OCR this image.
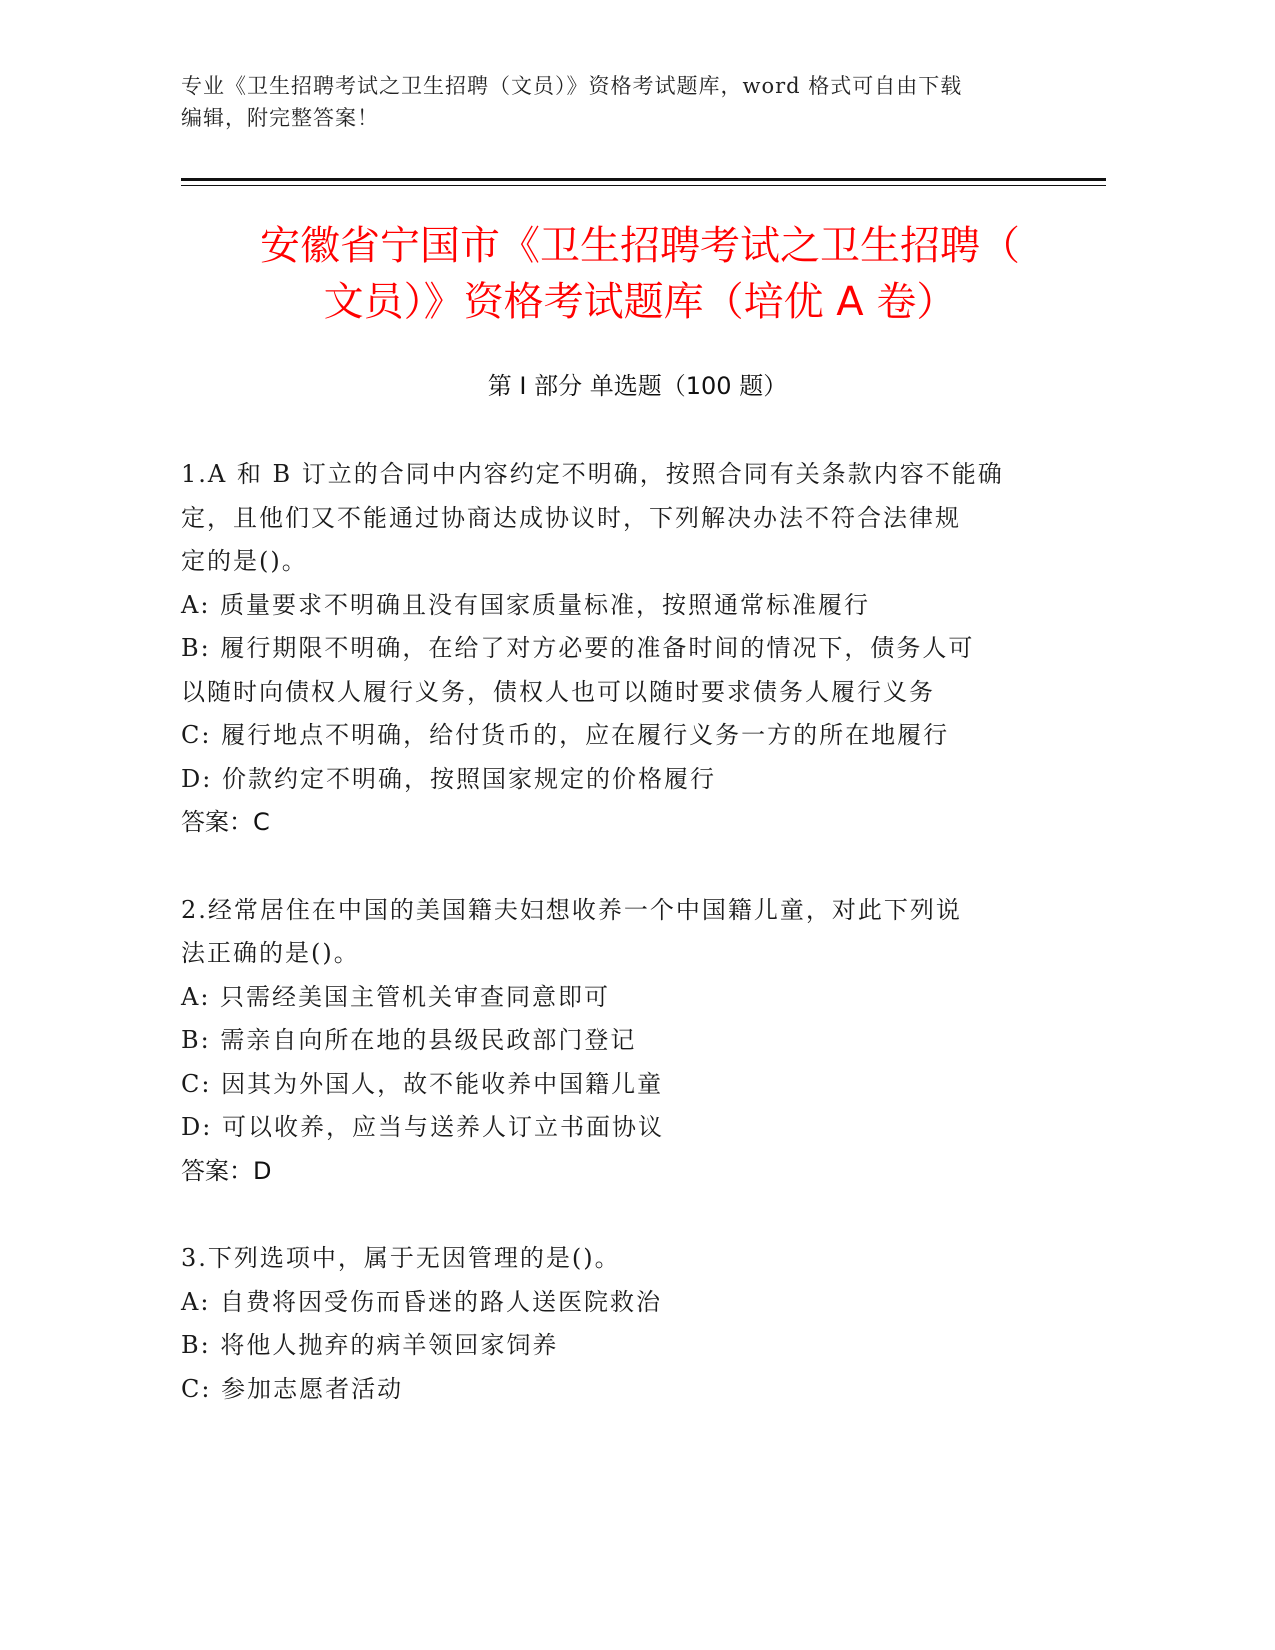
专业《卫生招聘考试之卫生招聘（文员）》资格考试题库，word 格式可自由下载
编辑，附完整答案！
安徽省宁国市《卫生招聘考试之卫生招聘（
文员）》资格考试题库（培优 A 卷）
第 I 部分 单选题（100 题）
1.A 和 B 订立的合同中内容约定不明确，按照合同有关条款内容不能确
定，且他们又不能通过协商达成协议时，下列解决办法不符合法律规
定的是()。
A: 质量要求不明确且没有国家质量标准，按照通常标准履行
B: 履行期限不明确，在给了对方必要的准备时间的情况下，债务人可
以随时向债权人履行义务，债权人也可以随时要求债务人履行义务
C: 履行地点不明确，给付货币的，应在履行义务一方的所在地履行
D: 价款约定不明确，按照国家规定的价格履行
答案：C
2.经常居住在中国的美国籍夫妇想收养一个中国籍儿童，对此下列说
法正确的是()。
A: 只需经美国主管机关审查同意即可
B: 需亲自向所在地的县级民政部门登记
C: 因其为外国人，故不能收养中国籍儿童
D: 可以收养，应当与送养人订立书面协议
答案：D
3.下列选项中，属于无因管理的是()。
A: 自费将因受伤而昏迷的路人送医院救治
B: 将他人抛弃的病羊领回家饲养
C: 参加志愿者活动
